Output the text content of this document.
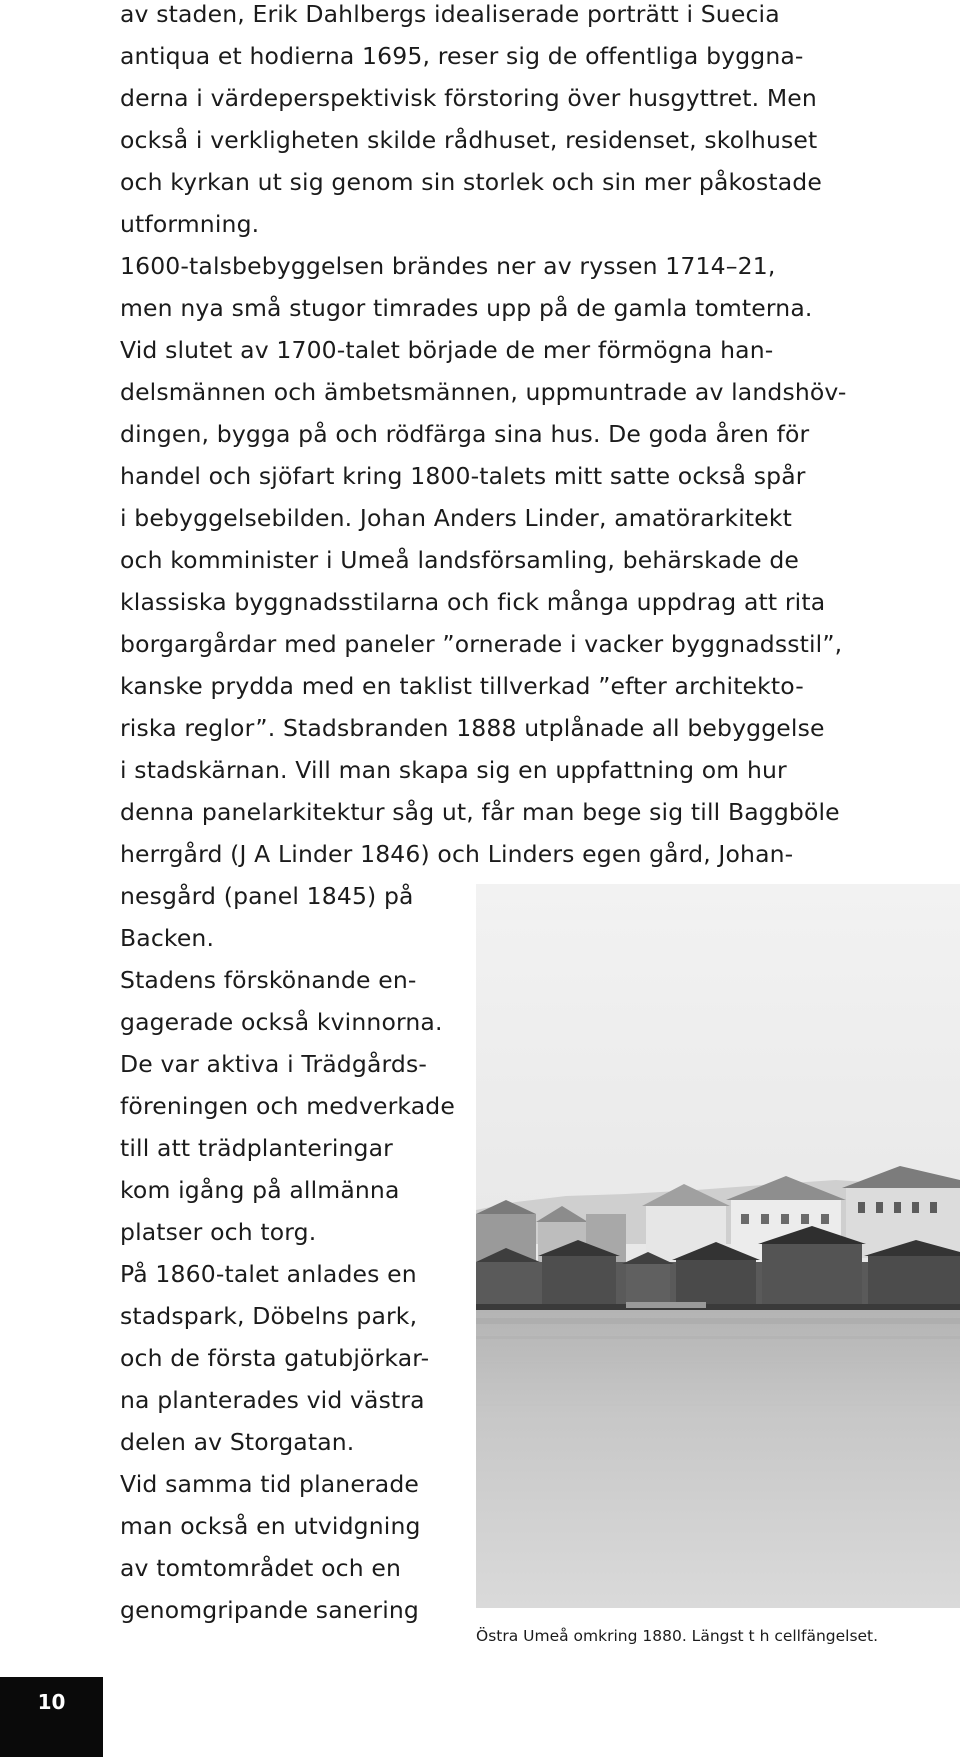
av staden, Erik Dahlbergs idealiserade porträtt i Suecia

antiqua et hodierna 1695, reser sig de offentliga byggna-

derna i värdeperspektivisk förstoring över husgyttret. Men

också i verkligheten skilde rådhuset, residenset, skolhuset

och kyrkan ut sig genom sin storlek och sin mer påkostade

utformning.

1600-talsbebyggelsen brändes ner av ryssen 1714–21,

men nya små stugor timrades upp på de gamla tomterna.

Vid slutet av 1700-talet började de mer förmögna han-

delsmännen och ämbetsmännen, uppmuntrade av landshöv-

dingen, bygga på och rödfärga sina hus. De goda åren för

handel och sjöfart kring 1800-talets mitt satte också spår

i bebyggelsebilden. Johan Anders Linder, amatörarkitekt

och komminister i Umeå landsförsamling, behärskade de

klassiska byggnadsstilarna och fick många uppdrag att rita

borgargårdar med paneler ”ornerade i vacker byggnadsstil”,

kanske prydda med en taklist tillverkad ”efter architekto-

riska reglor”. Stadsbranden 1888 utplånade all bebyggelse

i stadskärnan. Vill man skapa sig en uppfattning om hur

denna panelarkitektur såg ut, får man bege sig till Baggböle

herrgård (J A Linder 1846) och Linders egen gård, Johan-

nesgård (panel 1845) på

Backen.

Stadens förskönande en-

gagerade också kvinnorna.

De var aktiva i Trädgårds-

föreningen och medverkade

till att trädplanteringar

kom igång på allmänna

platser och torg.

På 1860-talet anlades en

stadspark, Döbelns park,

och de första gatubjörkar-

na planterades vid västra

delen av Storgatan.

Vid samma tid planerade

man också en utvidgning

av tomtområdet och en

genomgripande sanering

Östra Umeå omkring 1880. Längst t h cellfängelset.

10
